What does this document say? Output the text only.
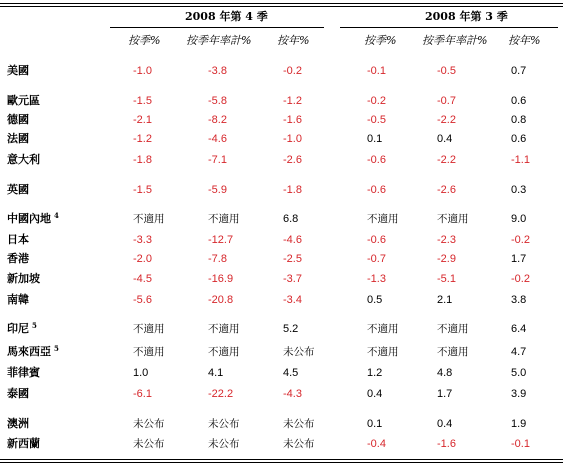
2008 年第 4 季	2008 年第 3 季
按季% 按季年率計% 按年%	按季% 按季年率計% 按年%
美國	-1.0	-3.8	-0.2	-0.1	-0.5	0.7
歐元區	-1.5	-5.8	-1.2	-0.2	-0.7	0.6
德國	-2.1	-8.2	-1.6	-0.5	-2.2	0.8
法國	-1.2	-4.6	-1.0	0.1	0.4	0.6
意大利	-1.8	-7.1	-2.6	-0.6	-2.2	-1.1
英國	-1.5	-5.9	-1.8	-0.6	-2.6	0.3
中國內地 $^4$	不適用	不適用	6.8	不適用	不適用	9.0
日本	-3.3	-12.7	-4.6	-0.6	-2.3	-0.2
香港	-2.0	-7.8	-2.5	-0.7	-2.9	1.7
新加坡	-4.5	-16.9	-3.7	-1.3	-5.1	-0.2
南韓	-5.6	-20.8	-3.4	0.5	2.1	3.8
印尼 $^5$	不適用	不適用	5.2	不適用	不適用	6.4
馬來西亞 $^5$	不適用	不適用	未公布	不適用	不適用	4.7
菲律賓	1.0	4.1	4.5	1.2	4.8	5.0
泰國	-6.1	-22.2	-4.3	0.4	1.7	3.9
澳洲	未公布	未公布	未公布	0.1	0.4	1.9
新西蘭	未公布	未公布	未公布	-0.4	-1.6	-0.1
